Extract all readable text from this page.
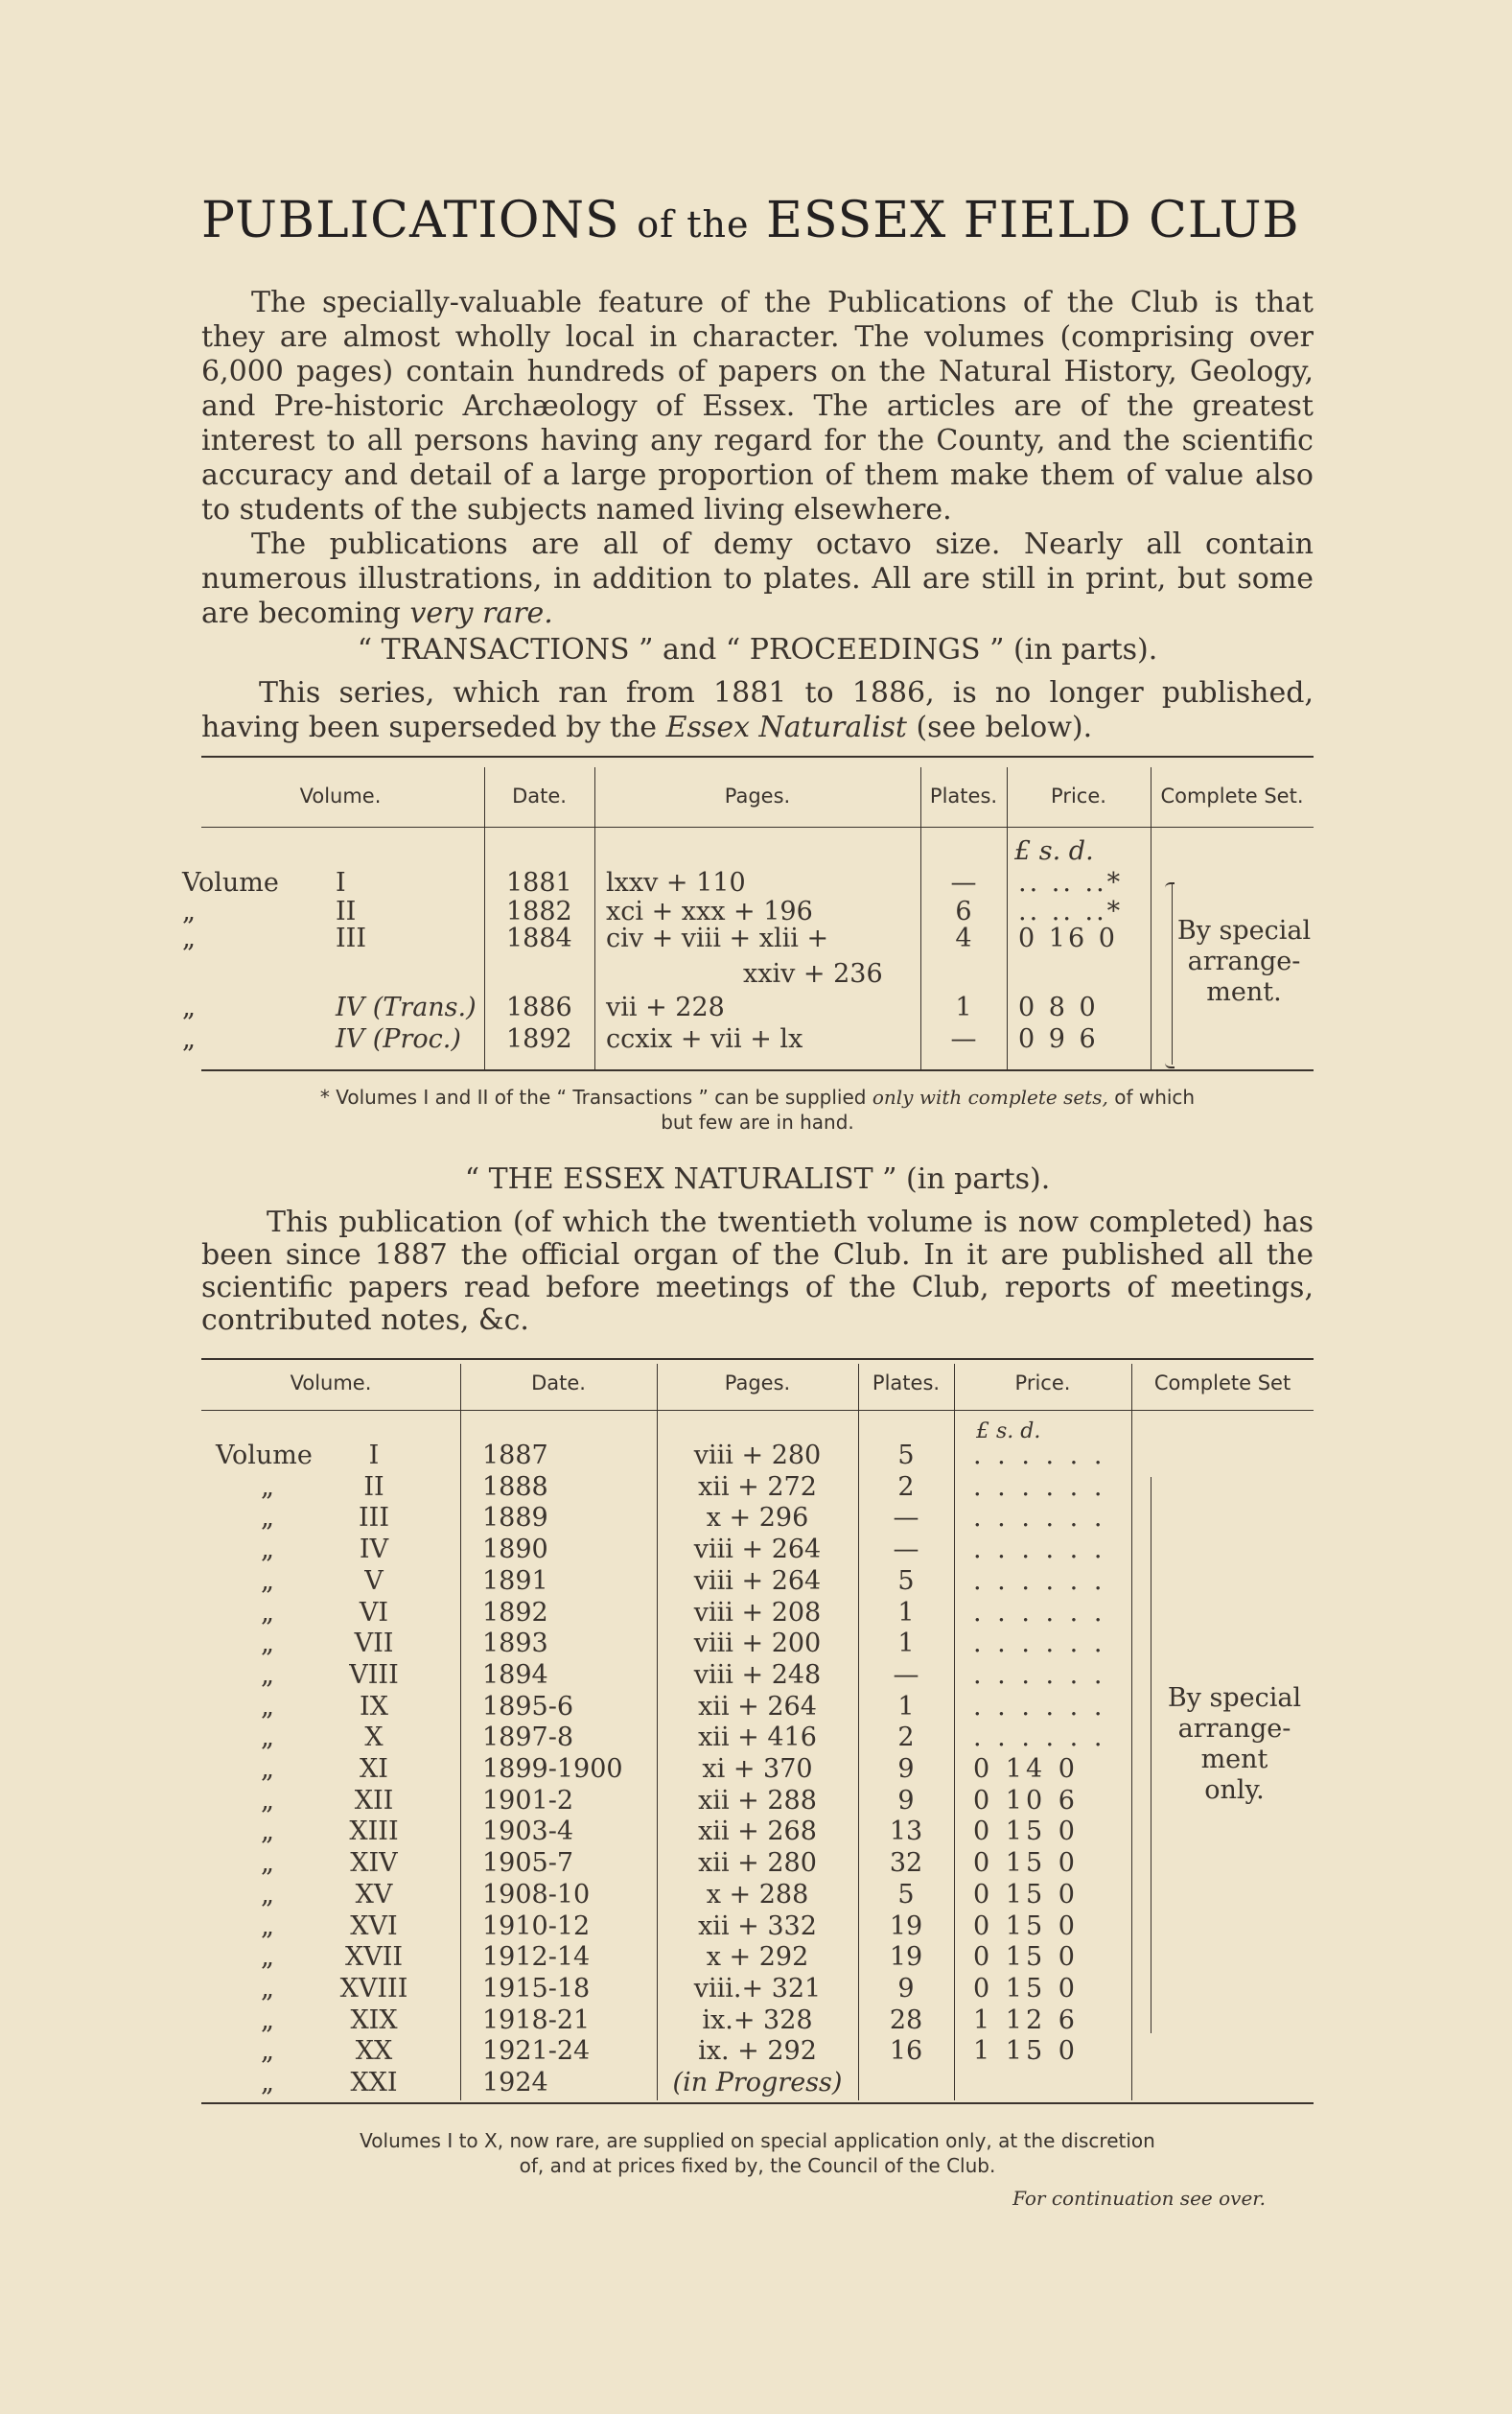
PUBLICATIONS of the ESSEX FIELD CLUB
The specially-valuable feature of the Publications of the Club is that they are almost wholly local in character. The volumes (comprising over 6,000 pages) contain hundreds of papers on the Natural History, Geology, and Pre-historic Archæology of Essex. The articles are of the greatest interest to all persons having any regard for the County, and the scientific accuracy and detail of a large proportion of them make them of value also to students of the subjects named living elsewhere.
The publications are all of demy octavo size. Nearly all contain numerous illustrations, in addition to plates. All are still in print, but some are becoming very rare.
“ TRANSACTIONS ” and “ PROCEEDINGS ” (in parts).
This series, which ran from 1881 to 1886, is no longer published, having been superseded by the Essex Naturalist (see below).
Volume.	Date.	Pages.	Plates.	Price.	Complete Set.
£ s. d.
Volume I	1881 lxxv + 110	—	.. .. ..*
„	II	1882 xci + xxx + 196	6	.. .. ..*
„	III	1884 civ + viii + xlii +	4	0 16 0
xxiv + 236
„	IV (Trans.) 1886 vii + 228	1	0 8 0
„	IV (Proc.) 1892 ccxix + vii + lx	—	0 9 6
By special
arrange-
ment.
* Volumes I and II of the “ Transactions ” can be supplied only with complete sets, of which
but few are in hand.
“ THE ESSEX NATURALIST ” (in parts).
This publication (of which the twentieth volume is now completed) has been since 1887 the official organ of the Club. In it are published all the scientific papers read before meetings of the Club, reports of meetings, contributed notes, &c.
Volume.	Date.	Pages.	Plates.	Price.	Complete Set
£ s. d.
Volume	I	1887	viii + 280	5	. . . . . .
„	II	1888	xii + 272	2	. . . . . .
„	III	1889	x + 296	—	. . . . . .
„	IV	1890	viii + 264	—	. . . . . .
„	V	1891	viii + 264	5	. . . . . .
„	VI	1892	viii + 208	1	. . . . . .
„	VII	1893	viii + 200	1	. . . . . .
„	VIII	1894	viii + 248	—	. . . . . .
„	IX	1895-6	xii + 264	1	. . . . . .
„	X	1897-8	xii + 416	2	. . . . . .
„	XI	1899-1900	xi + 370	9	0 14 0
„	XII	1901-2	xii + 288	9	0 10 6
„	XIII	1903-4	xii + 268	13	0 15 0
„	XIV	1905-7	xii + 280	32	0 15 0
„	XV	1908-10	x + 288	5	0 15 0
„	XVI	1910-12	xii + 332	19	0 15 0
„	XVII	1912-14	x + 292	19	0 15 0
„	XVIII	1915-18	viii.+ 321	9	0 15 0
„	XIX	1918-21	ix.+ 328	28	1 12 6
„	XX	1921-24	ix. + 292	16	1 15 0
„	XXI	1924	(in Progress)
By special
arrange-
ment
only.
Volumes I to X, now rare, are supplied on special application only, at the discretion
of, and at prices fixed by, the Council of the Club.
For continuation see over.
